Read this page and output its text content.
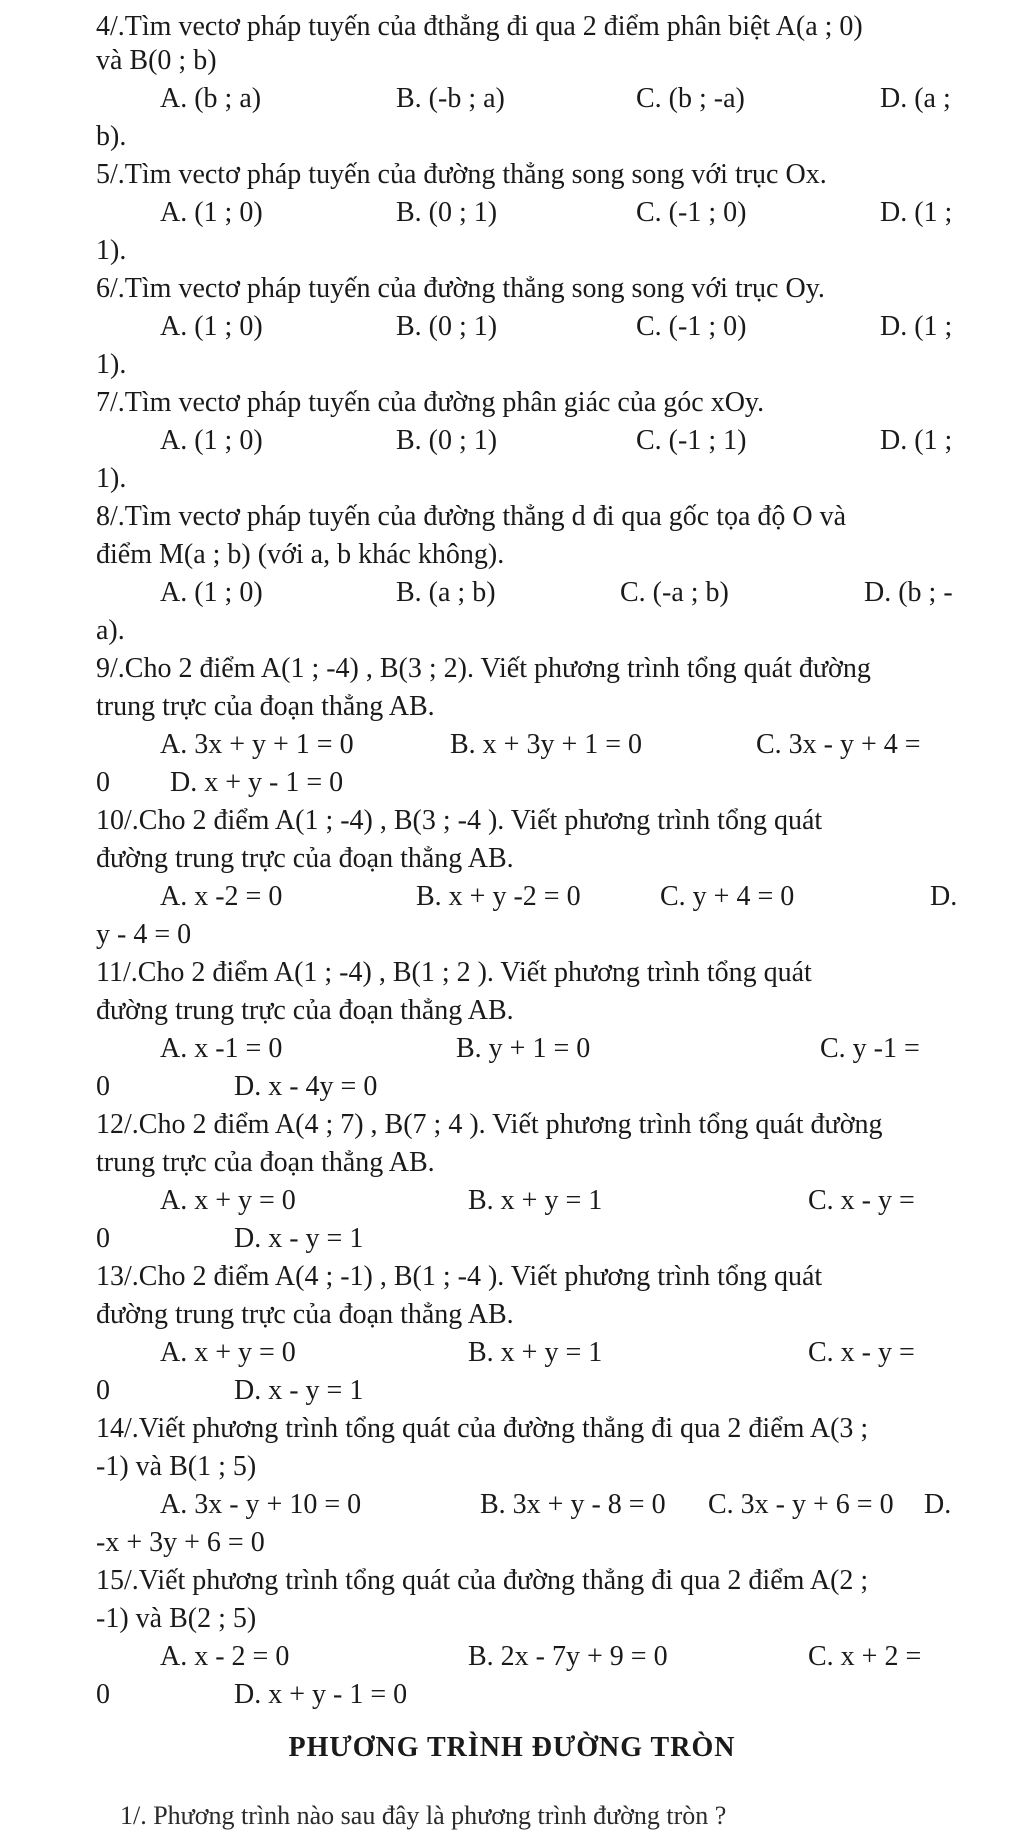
4/.Tìm vectơ pháp tuyến của đthẳng đi qua 2 điểm phân biệt A(a ; 0)
và B(0 ; b)
A. (b ; a)	B. (-b ; a)	C. (b ; -a)	D. (a ;
b).
5/.Tìm vectơ pháp tuyến của đường thẳng song song với trục Ox.
A. (1 ; 0)	B. (0 ; 1)	C. (-1 ; 0)	D. (1 ;
1).
6/.Tìm vectơ pháp tuyến của đường thẳng song song với trục Oy.
A. (1 ; 0)	B. (0 ; 1)	C. (-1 ; 0)	D. (1 ;
1).
7/.Tìm vectơ pháp tuyến của đường phân giác của góc xOy.
A. (1 ; 0)	B. (0 ; 1)	C. (-1 ; 1)	D. (1 ;
1).
8/.Tìm vectơ pháp tuyến của đường thẳng d đi qua gốc tọa độ O và
điểm M(a ; b) (với a, b khác không).
A. (1 ; 0)	B. (a ; b)	C. (-a ; b)	D. (b ; -
a).
9/.Cho 2 điểm A(1 ; -4) , B(3 ; 2). Viết phương trình tổng quát đường
trung trực của đoạn thẳng AB.
A. 3x + y + 1 = 0	B. x + 3y + 1 = 0	C. 3x - y + 4 =
0 D. x + y - 1 = 0
10/.Cho 2 điểm A(1 ; -4) , B(3 ; -4 ). Viết phương trình tổng quát
đường trung trực của đoạn thẳng AB.
A. x -2 = 0	B. x + y -2 = 0	C. y + 4 = 0	D.
y - 4 = 0
11/.Cho 2 điểm A(1 ; -4) , B(1 ; 2 ). Viết phương trình tổng quát
đường trung trực của đoạn thẳng AB.
A. x -1 = 0	B. y + 1 = 0	C. y -1 =
0	D. x - 4y = 0
12/.Cho 2 điểm A(4 ; 7) , B(7 ; 4 ). Viết phương trình tổng quát đường
trung trực của đoạn thẳng AB.
A. x + y = 0	B. x + y = 1	C. x - y =
0	D. x - y = 1
13/.Cho 2 điểm A(4 ; -1) , B(1 ; -4 ). Viết phương trình tổng quát
đường trung trực của đoạn thẳng AB.
A. x + y = 0	B. x + y = 1	C. x - y =
0	D. x - y = 1
14/.Viết phương trình tổng quát của đường thẳng đi qua 2 điểm A(3 ;
-1) và B(1 ; 5)
A. 3x - y + 10 = 0	B. 3x + y - 8 = 0 C. 3x - y + 6 = 0 D.
-x + 3y + 6 = 0
15/.Viết phương trình tổng quát của đường thẳng đi qua 2 điểm A(2 ;
-1) và B(2 ; 5)
A. x - 2 = 0	B. 2x - 7y + 9 = 0	C. x + 2 =
0	D. x + y - 1 = 0
PHƯƠNG TRÌNH ĐƯỜNG TRÒN
1/. Phương trình nào sau đây là phương trình đường tròn ?
